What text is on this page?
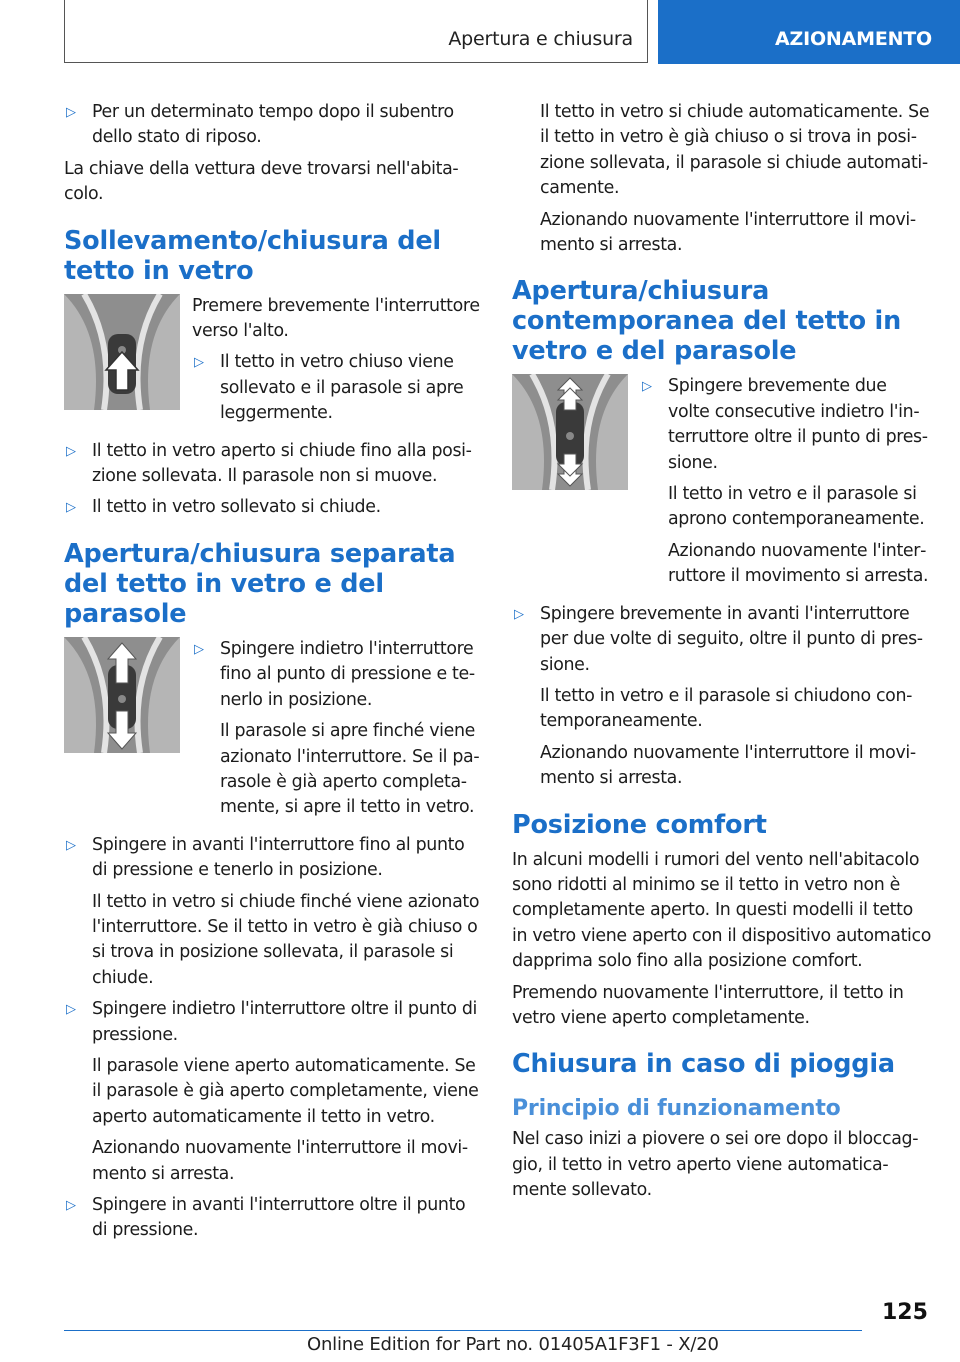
Apertura e chiusura	AZIONAMENTO
▷ Per un determinato tempo dopo il subentro dello stato di riposo.

La chiave della vettura deve trovarsi nell'abitacolo.

Sollevamento/chiusura del tetto in vetro

Premere brevemente l'interruttore verso l'alto.

▷ Il tetto in vetro chiuso viene sollevato e il parasole si apre leggermente.

▷ Il tetto in vetro aperto si chiude fino alla posizione sollevata. Il parasole non si muove.

▷ Il tetto in vetro sollevato si chiude.

Apertura/chiusura separata del tetto in vetro e del parasole
▷ Spingere indietro l'interruttore fino al punto di pressione e tenerlo in posizione.

Il parasole si apre finché viene azionato l'interruttore. Se il parasole è già aperto completamente, si apre il tetto in vetro.

▷ Spingere in avanti l'interruttore fino al punto di pressione e tenerlo in posizione.

Il tetto in vetro si chiude finché viene azionato l'interruttore. Se il tetto in vetro è già chiuso o si trova in posizione sollevata, il parasole si chiude.

▷ Spingere indietro l'interruttore oltre il punto di pressione.

Il parasole viene aperto automaticamente. Se il parasole è già aperto completamente, viene aperto automaticamente il tetto in vetro.

Azionando nuovamente l'interruttore il movimento si arresta.

▷ Spingere in avanti l'interruttore oltre il punto di pressione.

Il tetto in vetro si chiude automaticamente. Se il tetto in vetro è già chiuso o si trova in posizione sollevata, il parasole si chiude automaticamente.

Azionando nuovamente l'interruttore il movimento si arresta.

Apertura/chiusura contemporanea del tetto in vetro e del parasole
▷ Spingere brevemente due volte consecutive indietro l'interruttore oltre il punto di pressione.

Il tetto in vetro e il parasole si aprono contemporaneamente.

Azionando nuovamente l'interruttore il movimento si arresta.

▷ Spingere brevemente in avanti l'interruttore per due volte di seguito, oltre il punto di pressione.

Il tetto in vetro e il parasole si chiudono contemporaneamente.

Azionando nuovamente l'interruttore il movimento si arresta.

Posizione comfort

In alcuni modelli i rumori del vento nell'abitacolo sono ridotti al minimo se il tetto in vetro non è completamente aperto. In questi modelli il tetto in vetro viene aperto con il dispositivo automatico dapprima solo fino alla posizione comfort.

Premendo nuovamente l'interruttore, il tetto in vetro viene aperto completamente.

Chiusura in caso di pioggia
Principio di funzionamento

Nel caso inizi a piovere o sei ore dopo il bloccaggio, il tetto in vetro aperto viene automaticamente sollevato.

125
Online Edition for Part no. 01405A1F3F1 - X/20
